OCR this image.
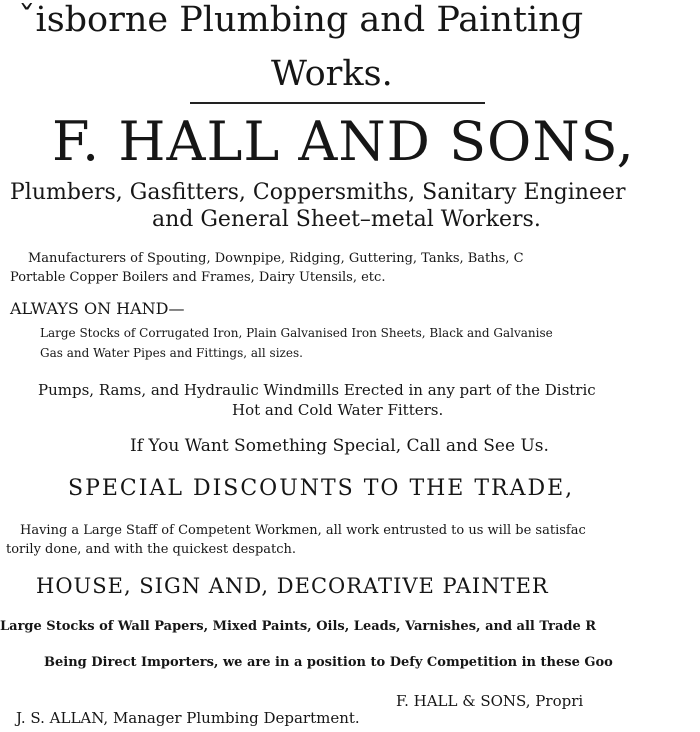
ˇisborne Plumbing and Paintinɡ
Works.
F. HALL AND SONS,
Plumbers, Gasfitters, Coppersmiths, Sanitary Engineer
and General Sheet–metal Workers.
Manufacturers of Spouting, Downpipe, Ridging, Guttering, Tanks, Baths, C
Portable Copper Boilers and Frames, Dairy Utensils, etc.
ALWAYS ON HAND—
Large Stocks of Corrugated Iron, Plain Galvanised Iron Sheets, Black and Galvanise
Gas and Water Pipes and Fittings, all sizes.
Pumps, Rams, and Hydraulic Windmills Erected in any part of the Distric
Hot and Cold Water Fitters.
If You Want Something Special, Call and See Us.
SPECIAL DISCOUNTS TO THE TRADE,
Having a Large Staff of Competent Workmen, all work entrusted to us will be satisfac
torily done, and with the quickest despatch.
HOUSE, SIGN AND, DECORATIVE PAINTER
Large Stocks of Wall Papers, Mixed Paints, Oils, Leads, Varnishes, and all Trade R
Being Direct Importers, we are in a position to Defy Competition in these Goo
F. HALL & SONS, Propri
J. S. ALLAN, Manager Plumbing Department.
